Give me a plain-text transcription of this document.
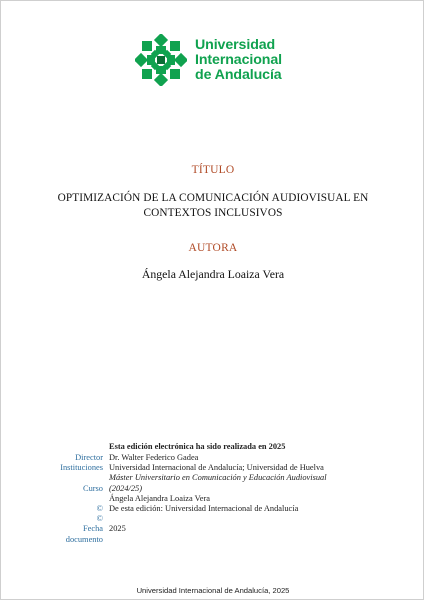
Universidad
Internacional
de Andalucía
TÍTULO
OPTIMIZACIÓN DE LA COMUNICACIÓN AUDIOVISUAL EN
CONTEXTOS INCLUSIVOS
AUTORA
Ángela Alejandra Loaiza Vera
Esta edición electrónica ha sido realizada en 2025
Director
Instituciones

Curso

©
©
Fecha
documento
Dr. Walter Federico Gadea
Universidad Internacional de Andalucía; Universidad de Huelva
Máster Universitario en Comunicación y Educación Audiovisual
(2024/25)
Ángela Alejandra Loaiza Vera
De esta edición: Universidad Internacional de Andalucía

2025
Universidad Internacional de Andalucía, 2025
